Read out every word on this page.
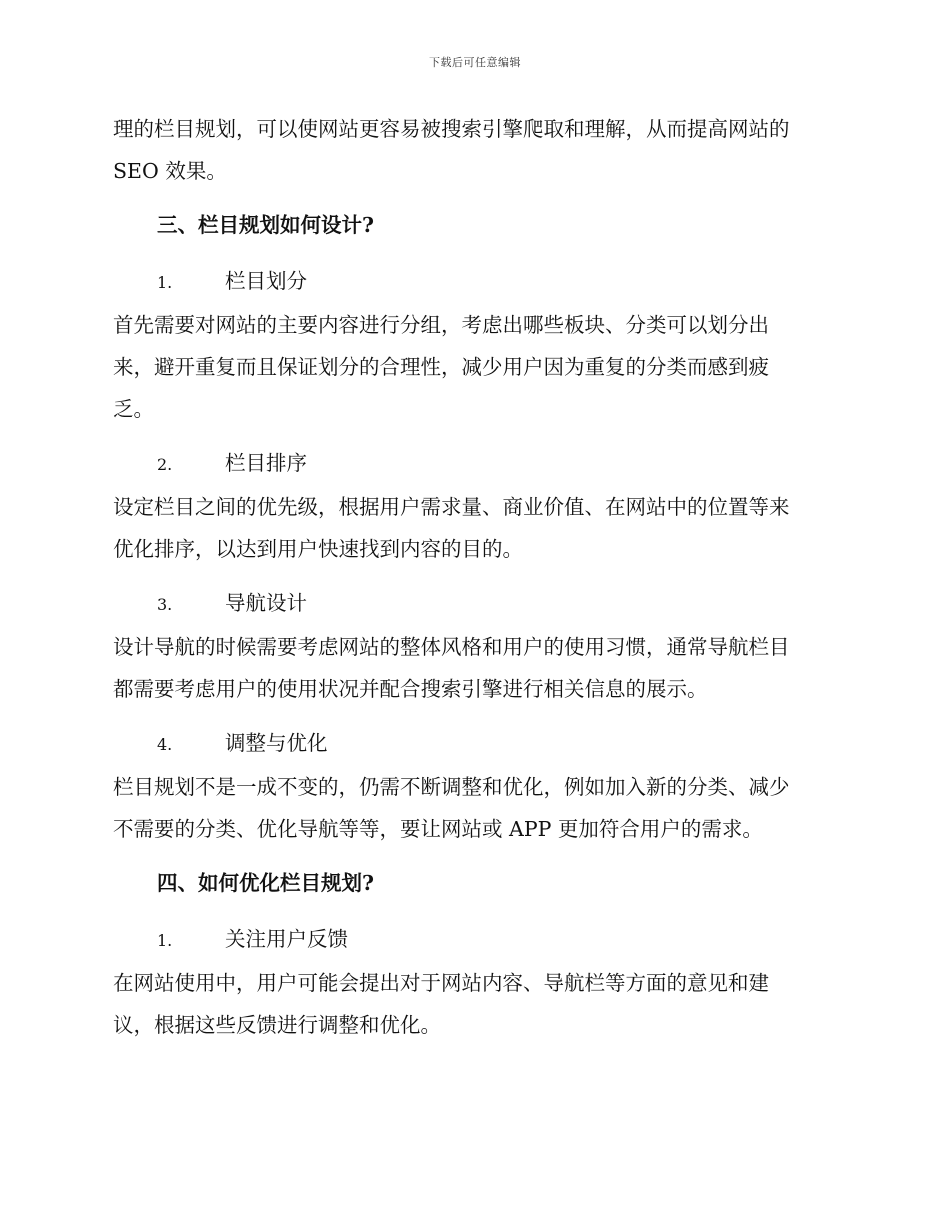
下载后可任意编辑

理的栏目规划，可以使网站更容易被搜索引擎爬取和理解，从而提高网站的

SEO 效果。

三、栏目规划如何设计?
1.	栏目划分

首先需要对网站的主要内容进行分组，考虑出哪些板块、分类可以划分出

来，避开重复而且保证划分的合理性，减少用户因为重复的分类而感到疲

乏。

2.	栏目排序

设定栏目之间的优先级，根据用户需求量、商业价值、在网站中的位置等来

优化排序，以达到用户快速找到内容的目的。

3.	导航设计

设计导航的时候需要考虑网站的整体风格和用户的使用习惯，通常导航栏目

都需要考虑用户的使用状况并配合搜索引擎进行相关信息的展示。

4.	调整与优化

栏目规划不是一成不变的，仍需不断调整和优化，例如加入新的分类、减少

不需要的分类、优化导航等等，要让网站或 APP 更加符合用户的需求。

四、如何优化栏目规划?
1.	关注用户反馈

在网站使用中，用户可能会提出对于网站内容、导航栏等方面的意见和建

议，根据这些反馈进行调整和优化。
